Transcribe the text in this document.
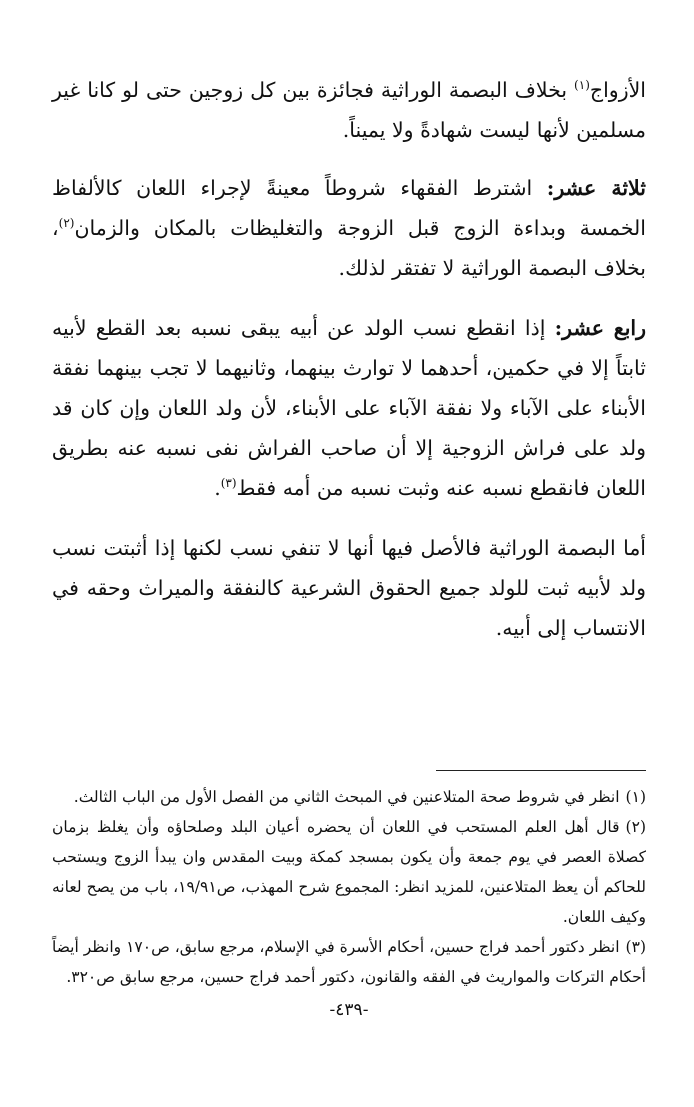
الأزواج$^{(١)}$ بخلاف البصمة الوراثية فجائزة بين كل زوجين حتى لو كانا غير مسلمين لأنها ليست شهادةً ولا يميناً.

ثلاثة عشر: اشترط الفقهاء شروطاً معينةً لإجراء اللعان كالألفاظ الخمسة وبداءة الزوج قبل الزوجة والتغليظات بالمكان والزمان$^{(٢)}$، بخلاف البصمة الوراثية لا تفتقر لذلك.

رابع عشر: إذا انقطع نسب الولد عن أبيه يبقى نسبه بعد القطع لأبيه ثابتاً إلا في حكمين، أحدهما لا توارث بينهما، وثانيهما لا تجب بينهما نفقة الأبناء على الآباء ولا نفقة الآباء على الأبناء، لأن ولد اللعان وإن كان قد ولد على فراش الزوجية إلا أن صاحب الفراش نفى نسبه عنه بطريق اللعان فانقطع نسبه عنه وثبت نسبه من أمه فقط$^{(٣)}$.

أما البصمة الوراثية فالأصل فيها أنها لا تنفي نسب لكنها إذا أثبتت نسب ولد لأبيه ثبت للولد جميع الحقوق الشرعية كالنفقة والميراث وحقه في الانتساب إلى أبيه.

(١)انظر في شروط صحة المتلاعنين في المبحث الثاني من الفصل الأول من الباب الثالث.

(٢)قال أهل العلم المستحب في اللعان أن يحضره أعيان البلد وصلحاؤه وأن يغلظ بزمان كصلاة العصر في يوم جمعة وأن يكون بمسجد كمكة وبيت المقدس وان يبدأ الزوج ويستحب للحاكم أن يعظ المتلاعنين، للمزيد انظر: المجموع شرح المهذب، ص١٩/٩١، باب من يصح لعانه وكيف اللعان.

(٣)انظر دكتور أحمد فراج حسين، أحكام الأسرة في الإسلام، مرجع سابق، ص١٧٠ وانظر أيضاً أحكام التركات والمواريث في الفقه والقانون، دكتور أحمد فراج حسين، مرجع سابق ص٣٢٠.

-٤٣٩-
